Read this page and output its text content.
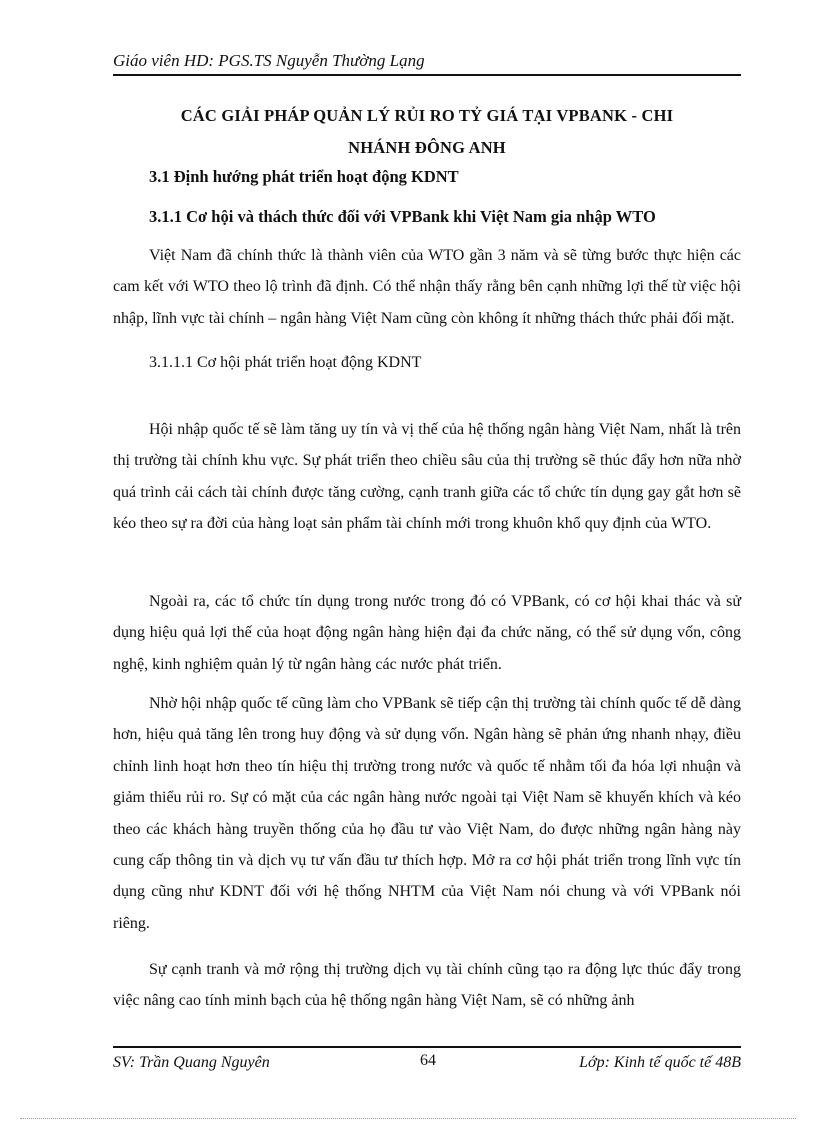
Giáo viên HD: PGS.TS Nguyễn Thường Lạng
CÁC GIẢI PHÁP QUẢN LÝ RỦI RO TỶ GIÁ TẠI VPBANK - CHI
NHÁNH ĐÔNG ANH
3.1 Định hướng phát triển hoạt động KDNT
3.1.1 Cơ hội và thách thức đối với VPBank khi Việt Nam gia nhập WTO

Việt Nam đã chính thức là thành viên của WTO gần 3 năm và sẽ từng bước thực hiện các cam kết với WTO theo lộ trình đã định. Có thể nhận thấy rằng bên cạnh những lợi thế từ việc hội nhập, lĩnh vực tài chính – ngân hàng Việt Nam cũng còn không ít những thách thức phải đối mặt.

3.1.1.1 Cơ hội phát triển hoạt động KDNT

Hội nhập quốc tế sẽ làm tăng uy tín và vị thế của hệ thống ngân hàng Việt Nam, nhất là trên thị trường tài chính khu vực. Sự phát triển theo chiều sâu của thị trường sẽ thúc đẩy hơn nữa nhờ quá trình cải cách tài chính được tăng cường, cạnh tranh giữa các tổ chức tín dụng gay gắt hơn sẽ kéo theo sự ra đời của hàng loạt sản phẩm tài chính mới trong khuôn khổ quy định của WTO.

Ngoài ra, các tổ chức tín dụng trong nước trong đó có VPBank, có cơ hội khai thác và sử dụng hiệu quả lợi thế của hoạt động ngân hàng hiện đại đa chức năng, có thể sử dụng vốn, công nghệ, kinh nghiệm quản lý từ ngân hàng các nước phát triển.

Nhờ hội nhập quốc tế cũng làm cho VPBank sẽ tiếp cận thị trường tài chính quốc tế dễ dàng hơn, hiệu quả tăng lên trong huy động và sử dụng vốn. Ngân hàng sẽ phản ứng nhanh nhạy, điều chỉnh linh hoạt hơn theo tín hiệu thị trường trong nước và quốc tế nhằm tối đa hóa lợi nhuận và giảm thiểu rủi ro. Sự có mặt của các ngân hàng nước ngoài tại Việt Nam sẽ khuyến khích và kéo theo các khách hàng truyền thống của họ đầu tư vào Việt Nam, do được những ngân hàng này cung cấp thông tin và dịch vụ tư vấn đầu tư thích hợp. Mở ra cơ hội phát triển trong lĩnh vực tín dụng cũng như KDNT đối với hệ thống NHTM của Việt Nam nói chung và với VPBank nói riêng.

Sự cạnh tranh và mở rộng thị trường dịch vụ tài chính cũng tạo ra động lực thúc đẩy trong việc nâng cao tính minh bạch của hệ thống ngân hàng Việt Nam, sẽ có những ảnh

SV: Trần Quang Nguyên	64	Lớp: Kinh tế quốc tế 48B
